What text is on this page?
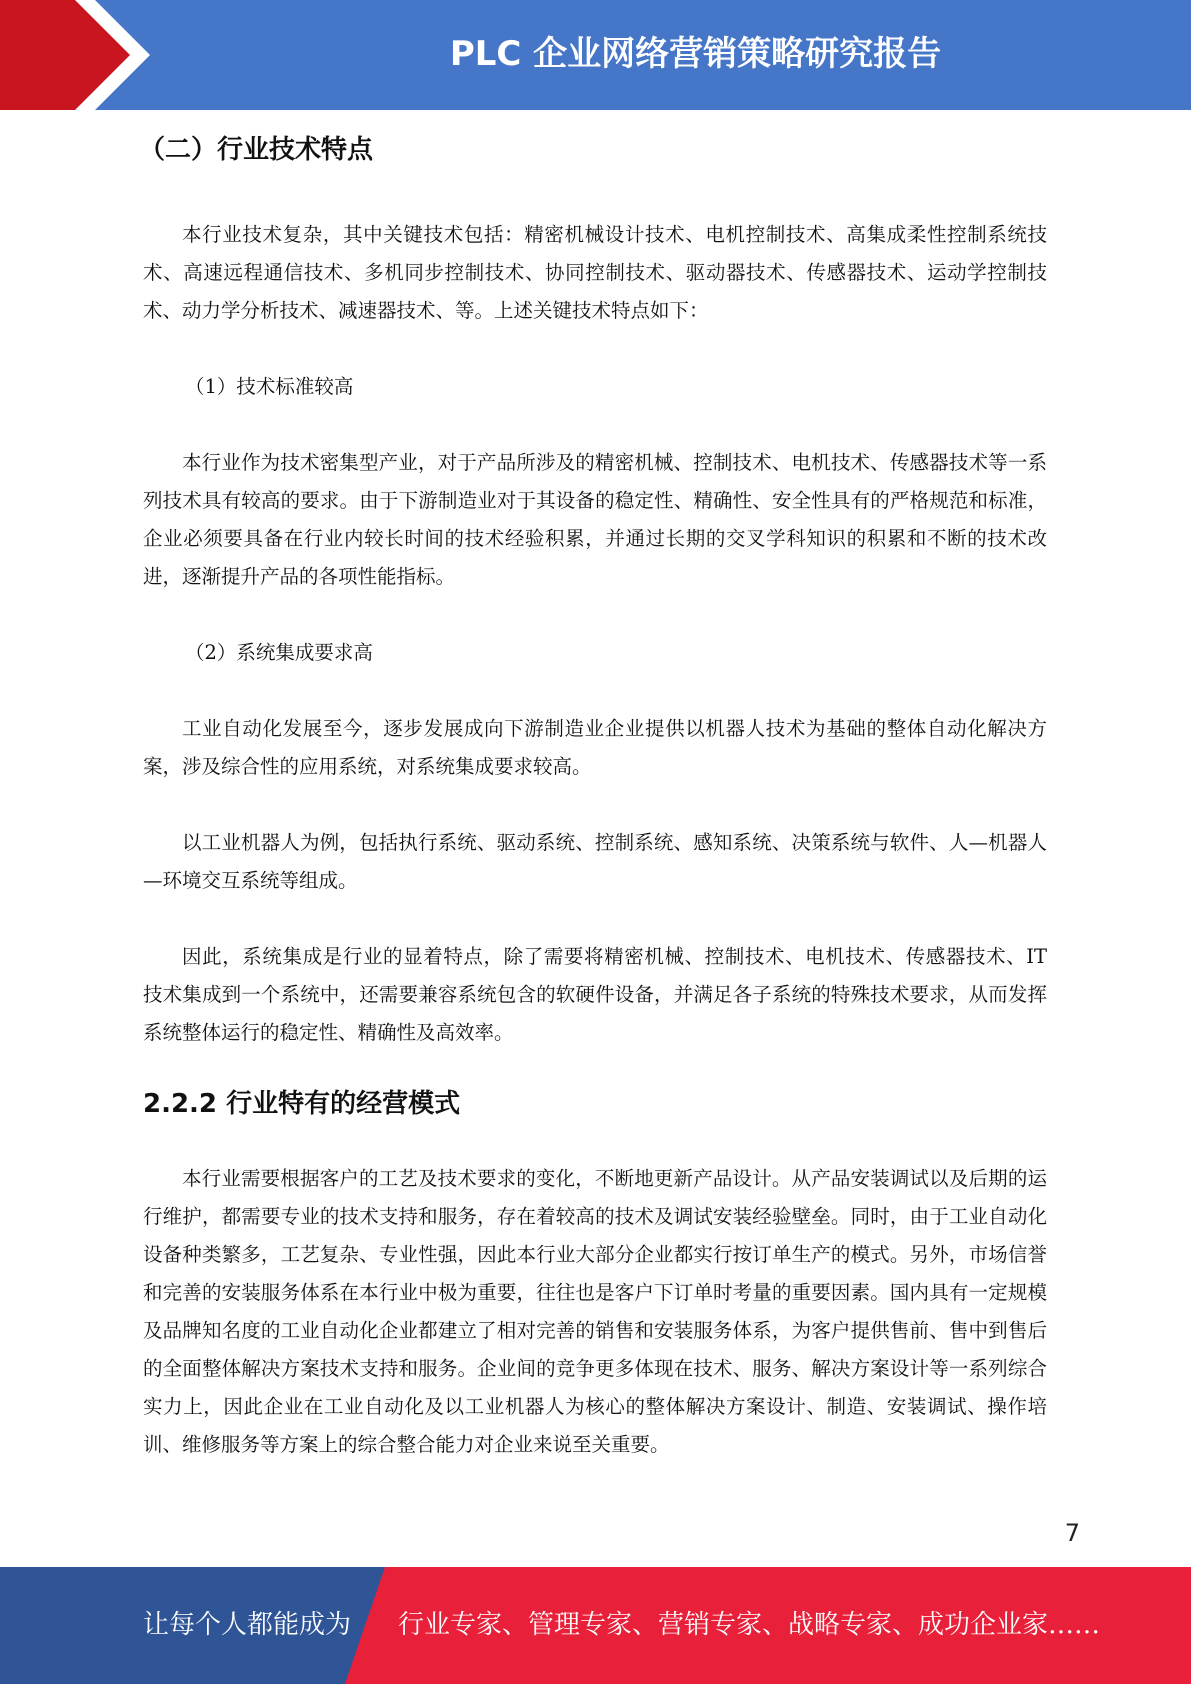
PLC 企业网络营销策略研究报告
（二）行业技术特点

本行业技术复杂，其中关键技术包括：精密机械设计技术、电机控制技术、高集成柔性控制系统技术、高速远程通信技术、多机同步控制技术、协同控制技术、驱动器技术、传感器技术、运动学控制技术、动力学分析技术、减速器技术、等。上述关键技术特点如下：

（1）技术标准较高

本行业作为技术密集型产业，对于产品所涉及的精密机械、控制技术、电机技术、传感器技术等一系列技术具有较高的要求。由于下游制造业对于其设备的稳定性、精确性、安全性具有的严格规范和标准，企业必须要具备在行业内较长时间的技术经验积累，并通过长期的交叉学科知识的积累和不断的技术改进，逐渐提升产品的各项性能指标。

（2）系统集成要求高

工业自动化发展至今，逐步发展成向下游制造业企业提供以机器人技术为基础的整体自动化解决方案，涉及综合性的应用系统，对系统集成要求较高。

以工业机器人为例，包括执行系统、驱动系统、控制系统、感知系统、决策系统与软件、人—机器人—环境交互系统等组成。

因此，系统集成是行业的显着特点，除了需要将精密机械、控制技术、电机技术、传感器技术、IT 技术集成到一个系统中，还需要兼容系统包含的软硬件设备，并满足各子系统的特殊技术要求，从而发挥系统整体运行的稳定性、精确性及高效率。

2.2.2 行业特有的经营模式

本行业需要根据客户的工艺及技术要求的变化，不断地更新产品设计。从产品安装调试以及后期的运行维护，都需要专业的技术支持和服务，存在着较高的技术及调试安装经验壁垒。同时，由于工业自动化设备种类繁多，工艺复杂、专业性强，因此本行业大部分企业都实行按订单生产的模式。另外，市场信誉和完善的安装服务体系在本行业中极为重要，往往也是客户下订单时考量的重要因素。国内具有一定规模及品牌知名度的工业自动化企业都建立了相对完善的销售和安装服务体系，为客户提供售前、售中到售后的全面整体解决方案技术支持和服务。企业间的竞争更多体现在技术、服务、解决方案设计等一系列综合实力上，因此企业在工业自动化及以工业机器人为核心的整体解决方案设计、制造、安装调试、操作培训、维修服务等方案上的综合整合能力对企业来说至关重要。

7
让每个人都能成为 行业专家、管理专家、营销专家、战略专家、成功企业家……
